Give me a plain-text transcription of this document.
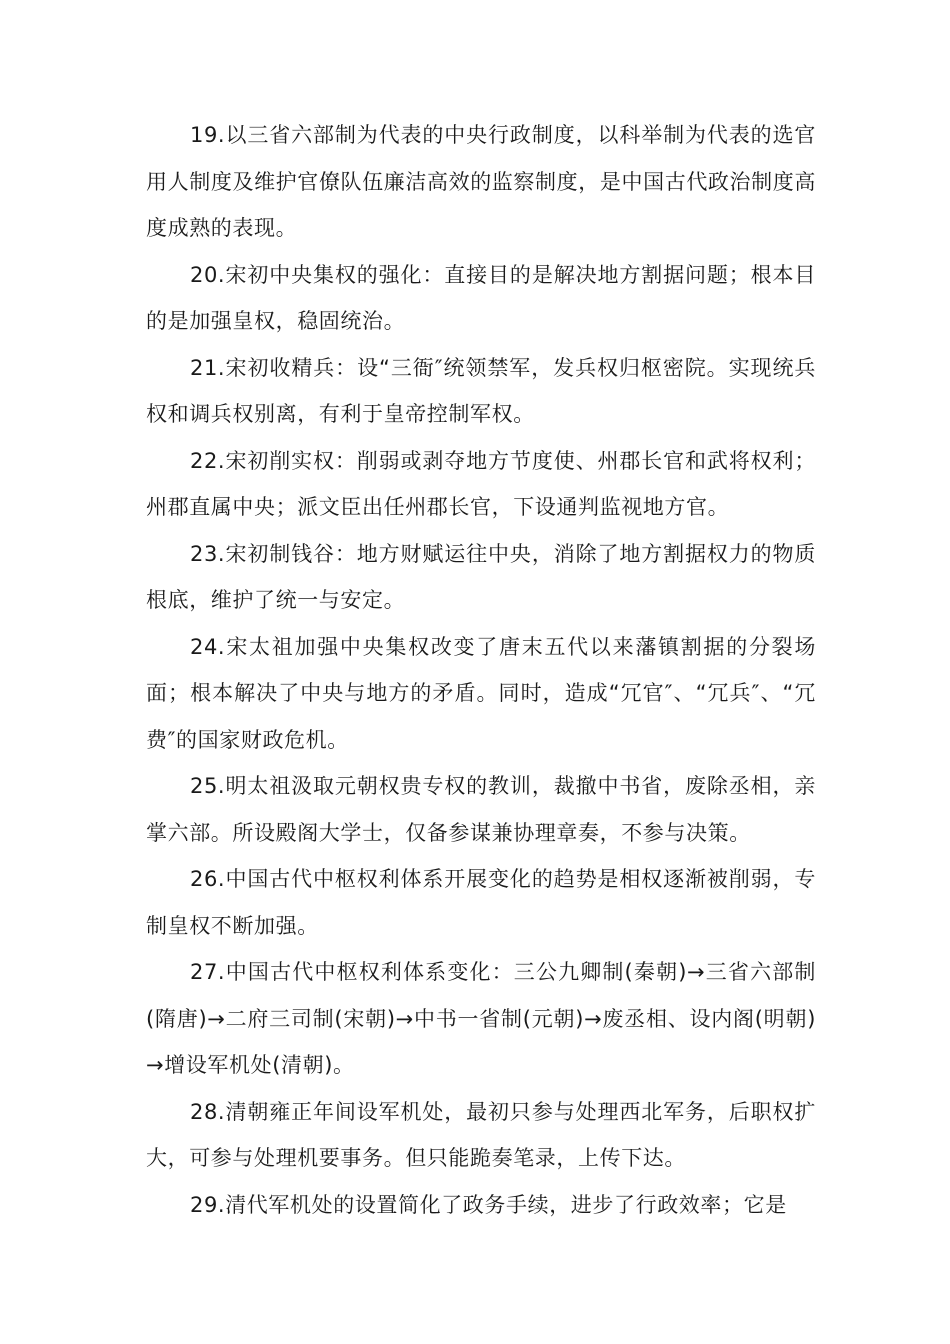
19.以三省六部制为代表的中央行政制度，以科举制为代表的选官用人制度及维护官僚队伍廉洁高效的监察制度，是中国古代政治制度高度成熟的表现。

20.宋初中央集权的强化：直接目的是解决地方割据问题；根本目的是加强皇权，稳固统治。

21.宋初收精兵：设“三衙″统领禁军，发兵权归枢密院。实现统兵权和调兵权别离，有利于皇帝控制军权。

22.宋初削实权：削弱或剥夺地方节度使、州郡长官和武将权利；州郡直属中央；派文臣出任州郡长官，下设通判监视地方官。

23.宋初制钱谷：地方财赋运往中央，消除了地方割据权力的物质根底，维护了统一与安定。

24.宋太祖加强中央集权改变了唐末五代以来藩镇割据的分裂场面；根本解决了中央与地方的矛盾。同时，造成“冗官″、“冗兵″、“冗费″的国家财政危机。

25.明太祖汲取元朝权贵专权的教训，裁撤中书省，废除丞相，亲掌六部。所设殿阁大学士，仅备参谋兼协理章奏，不参与决策。

26.中国古代中枢权利体系开展变化的趋势是相权逐渐被削弱，专制皇权不断加强。

27.中国古代中枢权利体系变化：三公九卿制(秦朝)→三省六部制(隋唐)→二府三司制(宋朝)→中书一省制(元朝)→废丞相、设内阁(明朝)→增设军机处(清朝)。

28.清朝雍正年间设军机处，最初只参与处理西北军务，后职权扩大，可参与处理机要事务。但只能跪奏笔录，上传下达。

29.清代军机处的设置简化了政务手续，进步了行政效率；它是
